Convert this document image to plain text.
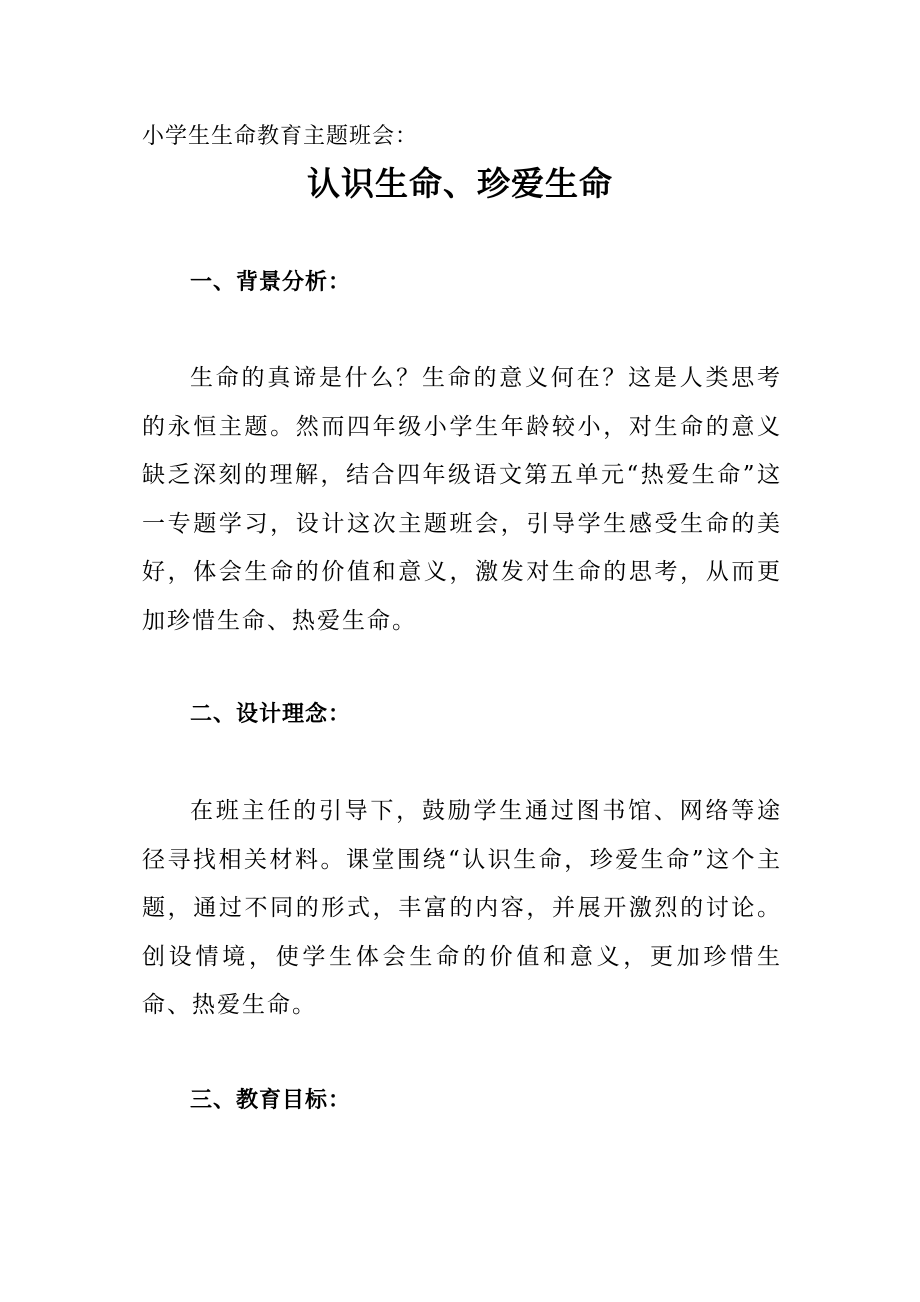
小学生生命教育主题班会：
认识生命、珍爱生命
一、背景分析：

生命的真谛是什么？生命的意义何在？这是人类思考的永恒主题。然而四年级小学生年龄较小，对生命的意义缺乏深刻的理解，结合四年级语文第五单元“热爱生命”这一专题学习，设计这次主题班会，引导学生感受生命的美好，体会生命的价值和意义，激发对生命的思考，从而更加珍惜生命、热爱生命。

二、设计理念：

在班主任的引导下，鼓励学生通过图书馆、网络等途径寻找相关材料。课堂围绕“认识生命，珍爱生命”这个主题，通过不同的形式，丰富的内容，并展开激烈的讨论。创设情境，使学生体会生命的价值和意义，更加珍惜生命、热爱生命。

三、教育目标：
